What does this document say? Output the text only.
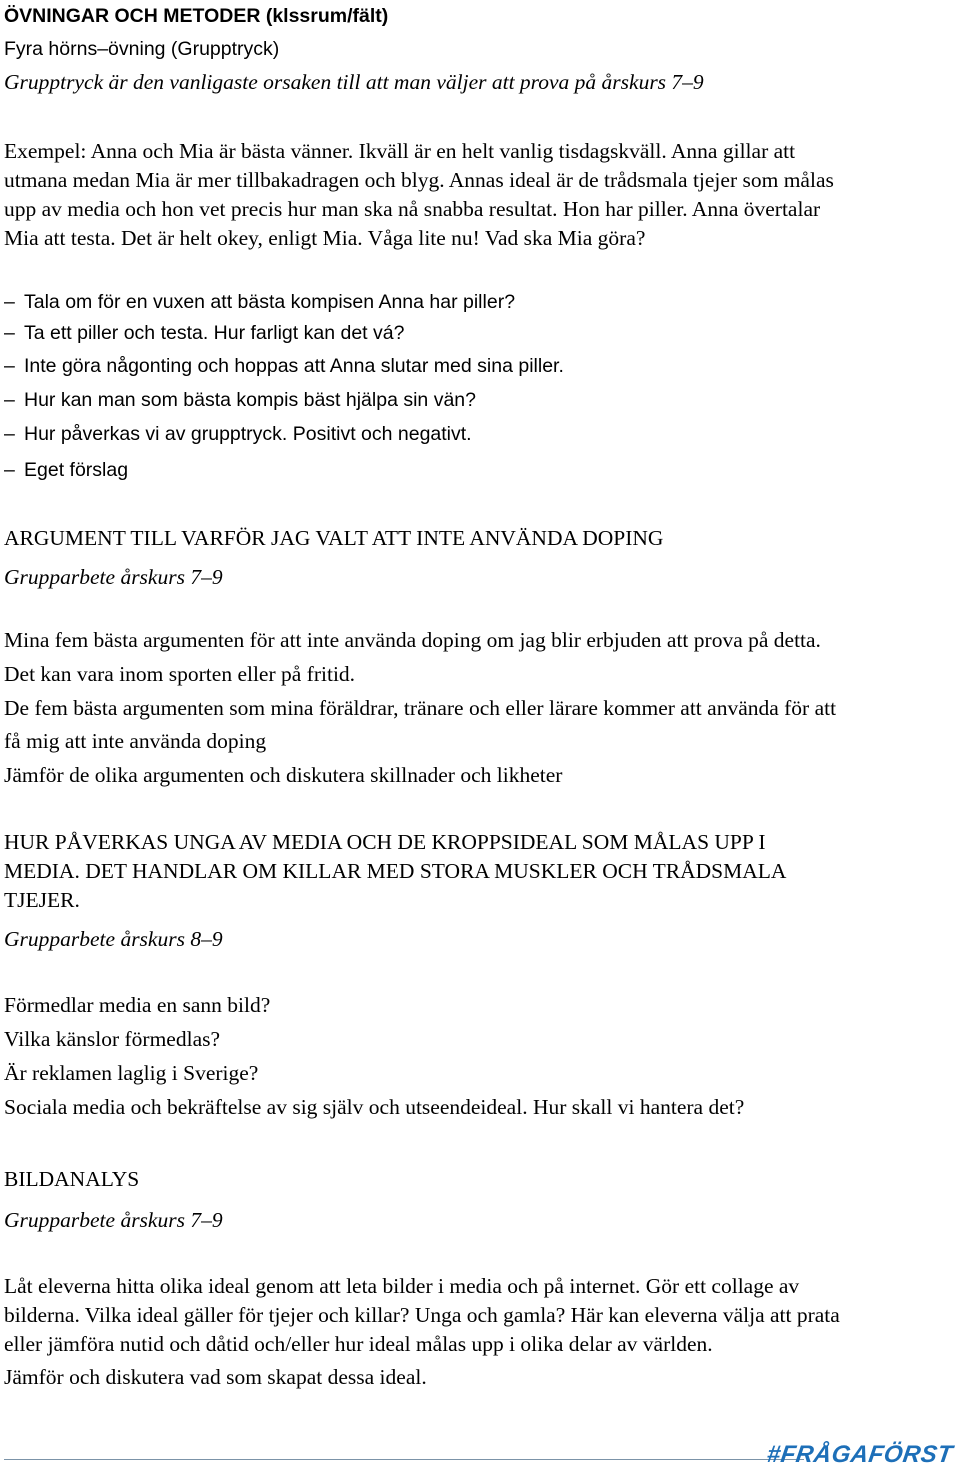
ÖVNINGAR OCH METODER (klssrum/fält)
Fyra hörns–övning (Grupptryck)
Grupptryck är den vanligaste orsaken till att man väljer att prova på årskurs 7–9
Exempel: Anna och Mia är bästa vänner. Ikväll är en helt vanlig tisdagskväll. Anna gillar att
utmana medan Mia är mer tillbakadragen och blyg. Annas ideal är de trådsmala tjejer som målas
upp av media och hon vet precis hur man ska nå snabba resultat. Hon har piller. Anna övertalar
Mia att testa. Det är helt okey, enligt Mia. Våga lite nu! Vad ska Mia göra?
– Tala om för en vuxen att bästa kompisen Anna har piller?
– Ta ett piller och testa. Hur farligt kan det vá?
– Inte göra någonting och hoppas att Anna slutar med sina piller.
– Hur kan man som bästa kompis bäst hjälpa sin vän?
– Hur påverkas vi av grupptryck. Positivt och negativt.
– Eget förslag
ARGUMENT TILL VARFÖR JAG VALT ATT INTE ANVÄNDA DOPING
Grupparbete årskurs 7–9
Mina fem bästa argumenten för att inte använda doping om jag blir erbjuden att prova på detta.
Det kan vara inom sporten eller på fritid.
De fem bästa argumenten som mina föräldrar, tränare och eller lärare kommer att använda för att
få mig att inte använda doping
Jämför de olika argumenten och diskutera skillnader och likheter
HUR PÅVERKAS UNGA AV MEDIA OCH DE KROPPSIDEAL SOM MÅLAS UPP I
MEDIA. DET HANDLAR OM KILLAR MED STORA MUSKLER OCH TRÅDSMALA
TJEJER.
Grupparbete årskurs 8–9
Förmedlar media en sann bild?
Vilka känslor förmedlas?
Är reklamen laglig i Sverige?
Sociala media och bekräftelse av sig själv och utseendeideal. Hur skall vi hantera det?
BILDANALYS
Grupparbete årskurs 7–9
Låt eleverna hitta olika ideal genom att leta bilder i media och på internet. Gör ett collage av
bilderna. Vilka ideal gäller för tjejer och killar? Unga och gamla? Här kan eleverna välja att prata
eller jämföra nutid och dåtid och/eller hur ideal målas upp i olika delar av världen.
Jämför och diskutera vad som skapat dessa ideal.
#FRÅGAFÖRST
